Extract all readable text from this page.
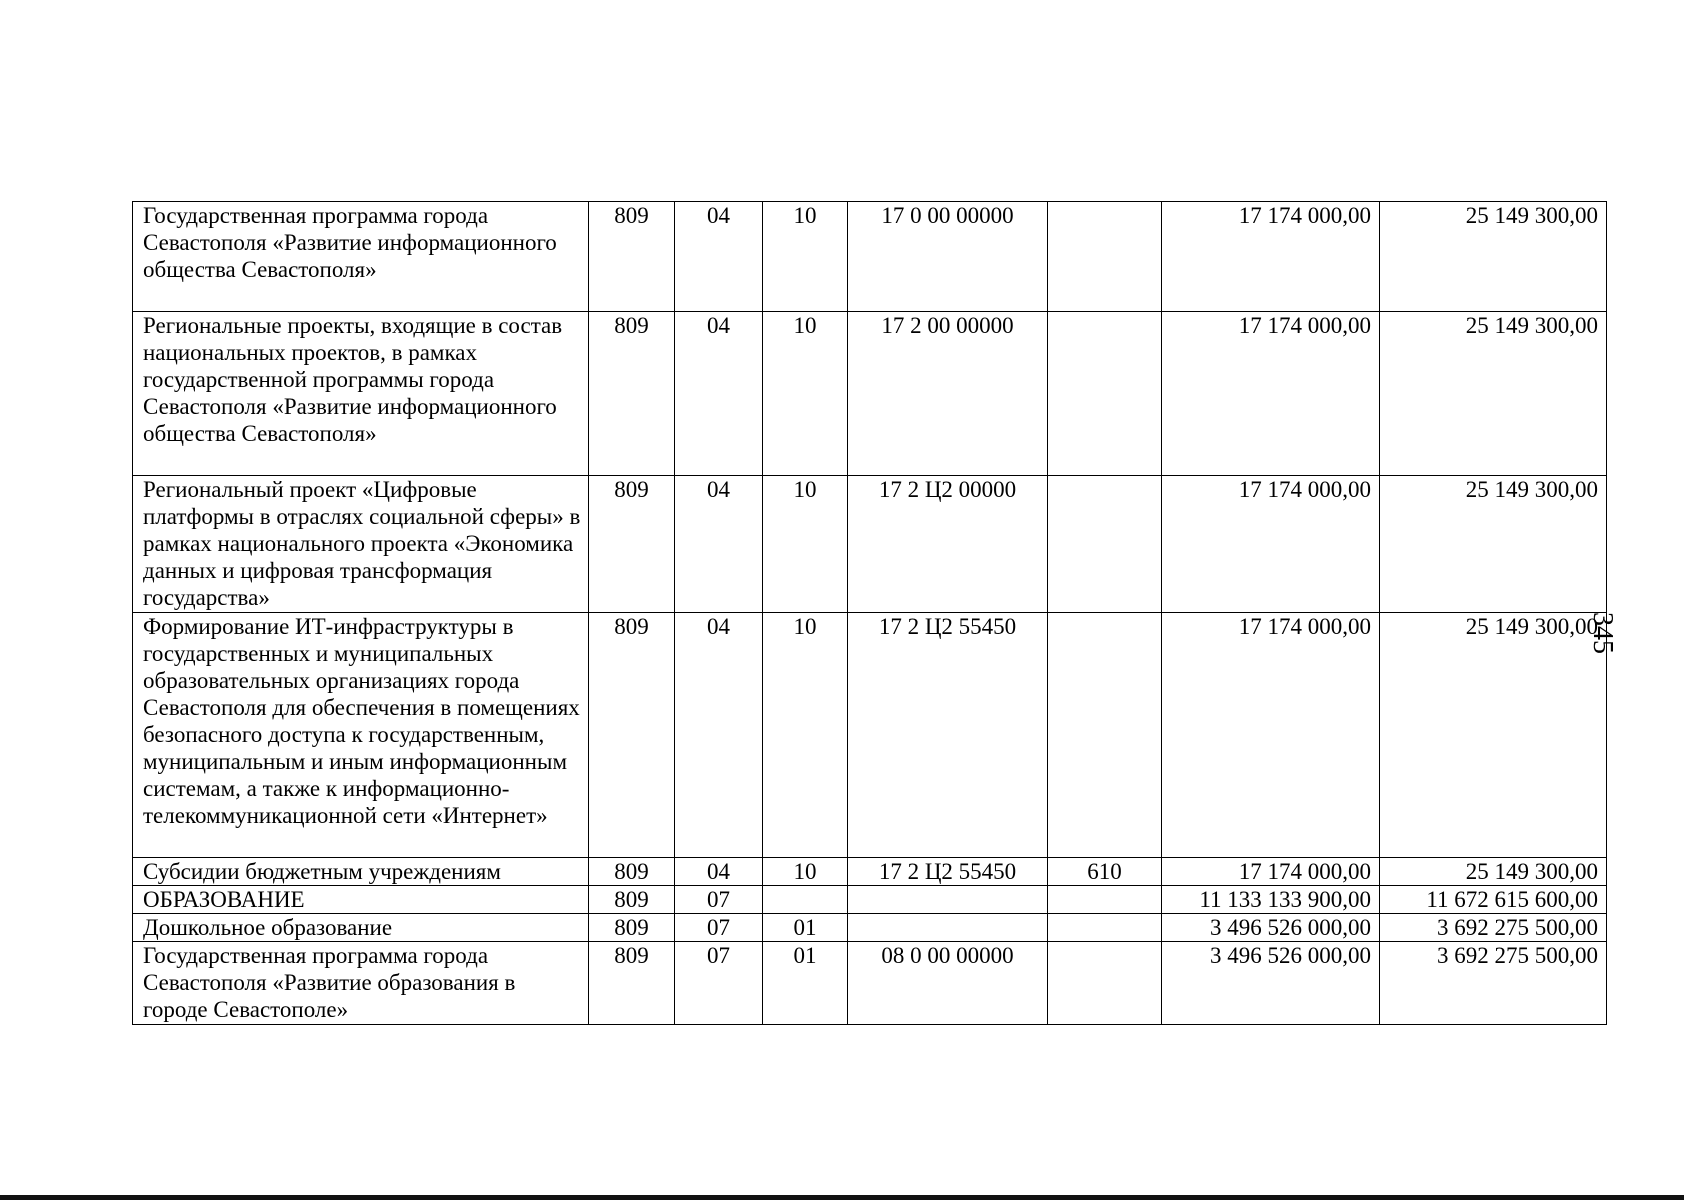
Государственная программа города Севастополя «Развитие информационного общества Севастополя»	809	04	10	17 0 00 00000		17 174 000,00	25 149 300,00
Региональные проекты, входящие в состав национальных проектов, в рамках государственной программы города Севастополя «Развитие информационного общества Севастополя»	809	04	10	17 2 00 00000		17 174 000,00	25 149 300,00
Региональный проект «Цифровые платформы в отраслях социальной сферы» в рамках национального проекта «Экономика данных и цифровая трансформация государства»	809	04	10	17 2 Ц2 00000		17 174 000,00	25 149 300,00
Формирование ИТ-инфраструктуры в государственных и муниципальных образовательных организациях города Севастополя для обеспечения в помещениях безопасного доступа к государственным, муниципальным и иным информационным системам, а также к информационно-телекоммуникационной сети «Интернет»	809	04	10	17 2 Ц2 55450		17 174 000,00	25 149 300,00
Субсидии бюджетным учреждениям	809	04	10	17 2 Ц2 55450	610	17 174 000,00	25 149 300,00
ОБРАЗОВАНИЕ	809	07				11 133 133 900,00	11 672 615 600,00
Дошкольное образование	809	07	01			3 496 526 000,00	3 692 275 500,00
Государственная программа города Севастополя «Развитие образования в городе Севастополе»	809	07	01	08 0 00 00000		3 496 526 000,00	3 692 275 500,00
345
